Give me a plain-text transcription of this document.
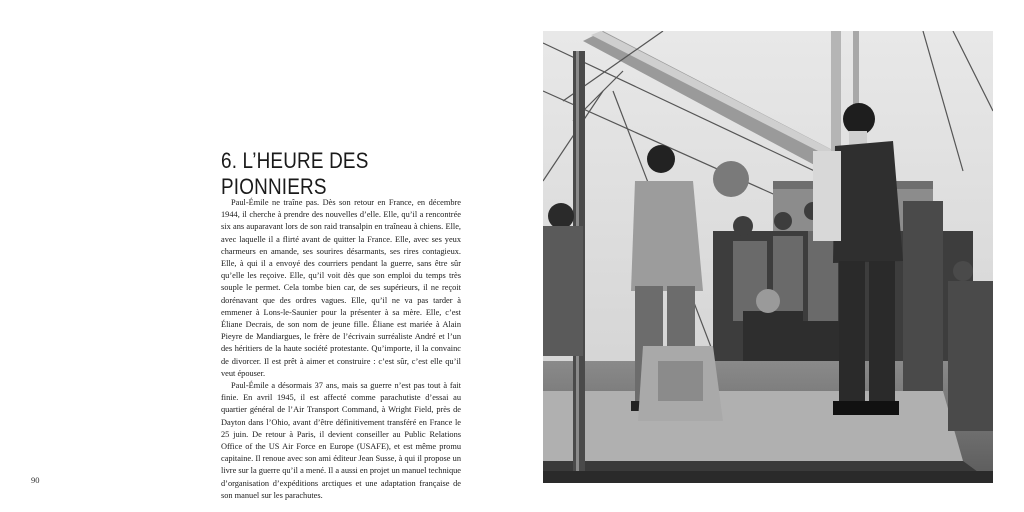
6. L’HEURE DES PIONNIERS

Paul-Émile ne traîne pas. Dès son retour en France, en décembre 1944, il cherche à prendre des nouvelles d’elle. Elle, qu’il a rencontrée six ans auparavant lors de son raid transalpin en traîneau à chiens. Elle, avec laquelle il a flirté avant de quitter la France. Elle, avec ses yeux charmeurs en amande, ses sourires désarmants, ses rires contagieux. Elle, à qui il a envoyé des courriers pendant la guerre, sans être sûr qu’elle les reçoive. Elle, qu’il voit dès que son emploi du temps très souple le permet. Cela tombe bien car, de ses supérieurs, il ne reçoit dorénavant que des ordres vagues. Elle, qu’il ne va pas tarder à emmener à Lons-le-Saunier pour la présenter à sa mère. Elle, c’est Éliane Decrais, de son nom de jeune fille. Éliane est mariée à Alain Pieyre de Mandiargues, le frère de l’écrivain surréaliste André et l’un des héritiers de la haute société protestante. Qu’importe, il la convainc de divorcer. Il est prêt à aimer et construire : c’est sûr, c’est elle qu’il veut épouser.

Paul-Émile a désormais 37 ans, mais sa guerre n’est pas tout à fait finie. En avril 1945, il est affecté comme parachutiste d’essai au quartier général de l’Air Transport Command, à Wright Field, près de Dayton dans l’Ohio, avant d’être définitivement transféré en France le 25 juin. De retour à Paris, il devient conseiller au Public Relations Office of the US Air Force en Europe (USAFE), et est même promu capitaine. Il renoue avec son ami éditeur Jean Susse, à qui il propose un livre sur la guerre qu’il a mené. Il a aussi en projet un manuel technique d’organisation d’expéditions arctiques et une adaptation française de son manuel sur les parachutes.

90
